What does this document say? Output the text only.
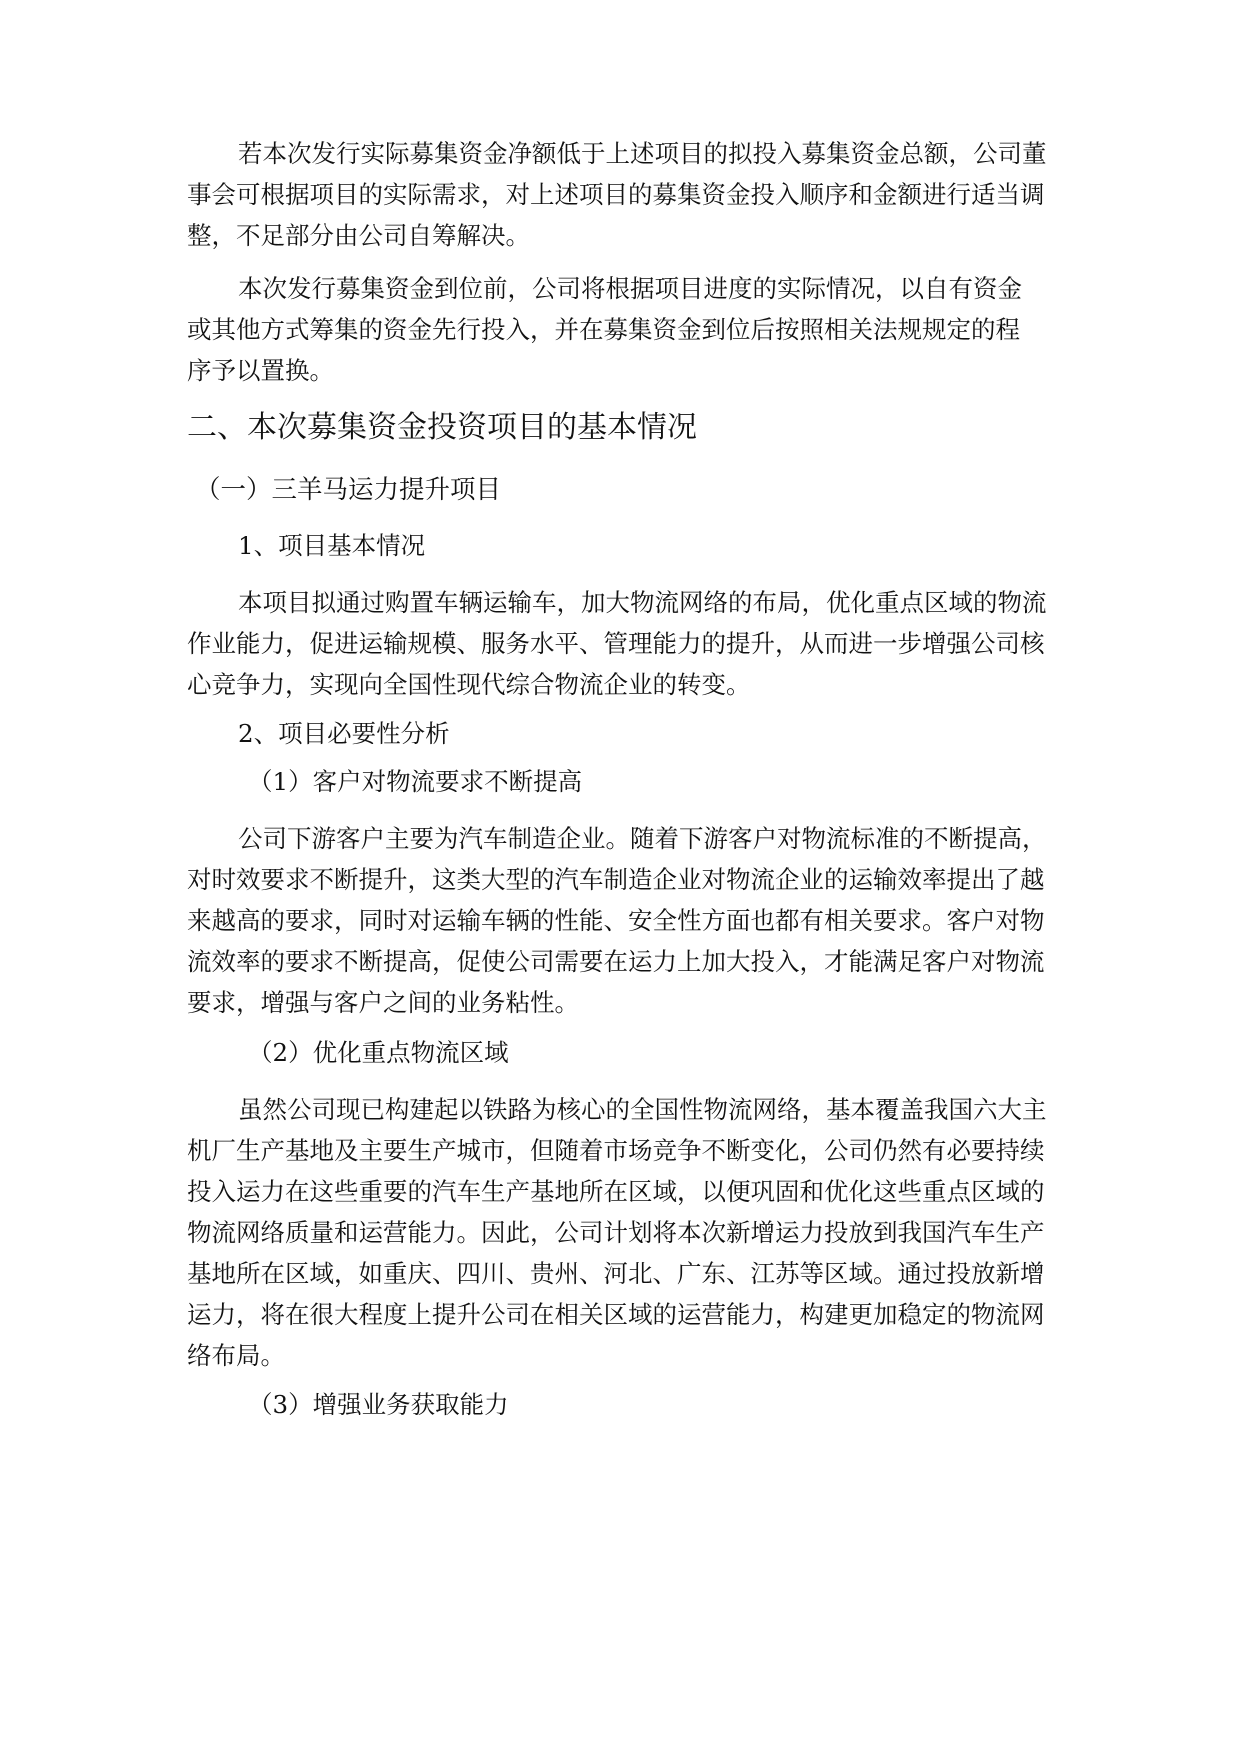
若本次发行实际募集资金净额低于上述项目的拟投入募集资金总额，公司董
事会可根据项目的实际需求，对上述项目的募集资金投入顺序和金额进行适当调
整，不足部分由公司自筹解决。
本次发行募集资金到位前，公司将根据项目进度的实际情况，以自有资金
或其他方式筹集的资金先行投入，并在募集资金到位后按照相关法规规定的程
序予以置换。
二、本次募集资金投资项目的基本情况
（一）三羊马运力提升项目
1、项目基本情况
本项目拟通过购置车辆运输车，加大物流网络的布局，优化重点区域的物流
作业能力，促进运输规模、服务水平、管理能力的提升，从而进一步增强公司核
心竞争力，实现向全国性现代综合物流企业的转变。
2、项目必要性分析
（1）客户对物流要求不断提高
公司下游客户主要为汽车制造企业。随着下游客户对物流标准的不断提高，
对时效要求不断提升，这类大型的汽车制造企业对物流企业的运输效率提出了越
来越高的要求，同时对运输车辆的性能、安全性方面也都有相关要求。客户对物
流效率的要求不断提高，促使公司需要在运力上加大投入，才能满足客户对物流
要求，增强与客户之间的业务粘性。
（2）优化重点物流区域
虽然公司现已构建起以铁路为核心的全国性物流网络，基本覆盖我国六大主
机厂生产基地及主要生产城市，但随着市场竞争不断变化，公司仍然有必要持续
投入运力在这些重要的汽车生产基地所在区域，以便巩固和优化这些重点区域的
物流网络质量和运营能力。因此，公司计划将本次新增运力投放到我国汽车生产
基地所在区域，如重庆、四川、贵州、河北、广东、江苏等区域。通过投放新增
运力，将在很大程度上提升公司在相关区域的运营能力，构建更加稳定的物流网
络布局。
（3）增强业务获取能力
